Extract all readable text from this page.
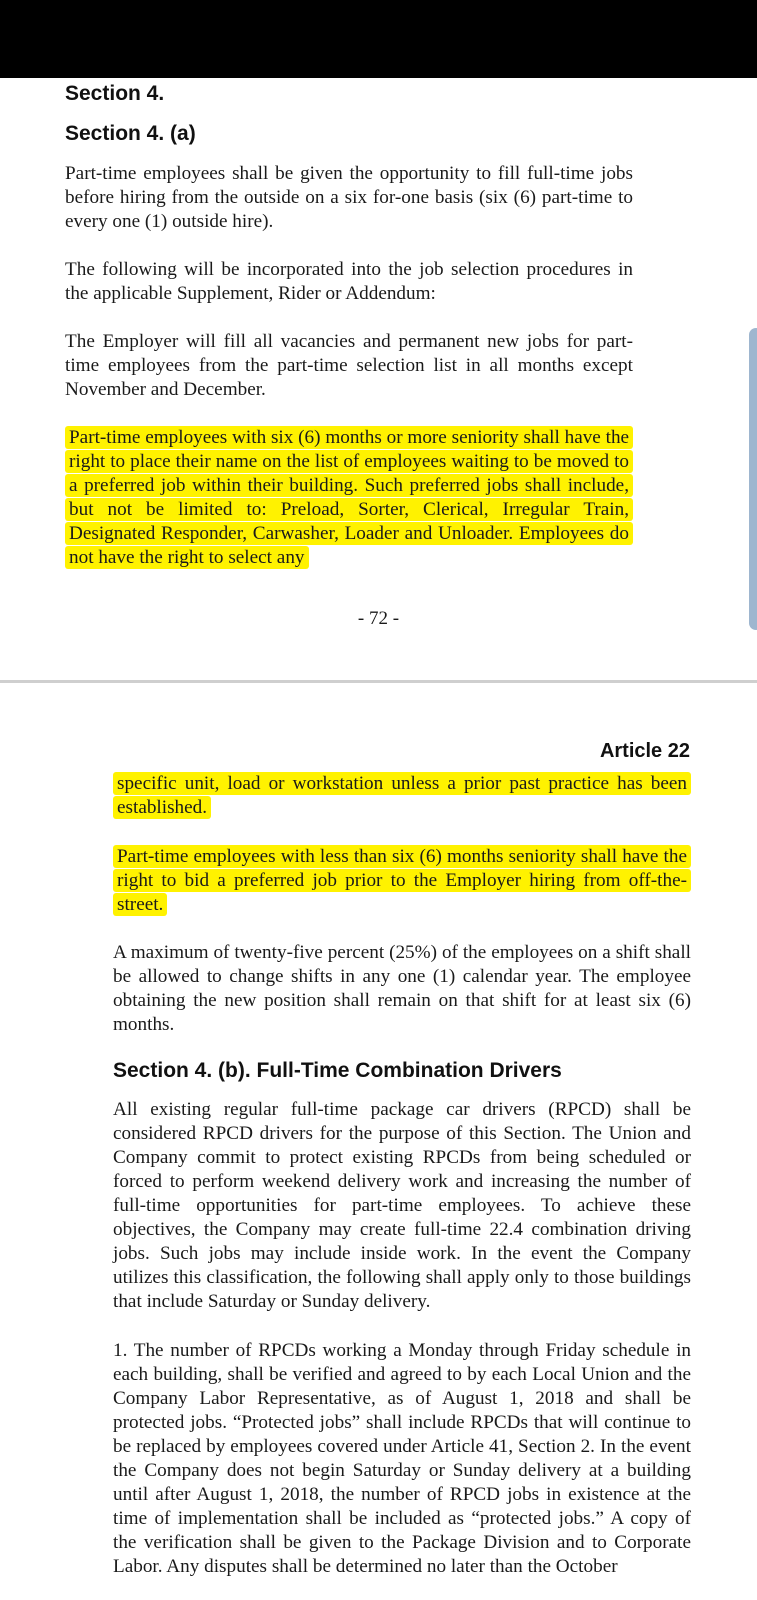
Section 4.
Section 4. (a)

Part-time employees shall be given the opportunity to fill full-time jobs before hiring from the outside on a six for-one basis (six (6) part-time to every one (1) outside hire).

The following will be incorporated into the job selection procedures in the applicable Supplement, Rider or Addendum:

The Employer will fill all vacancies and permanent new jobs for part-time employees from the part-time selection list in all months except November and December.

Part-time employees with six (6) months or more seniority shall have the right to place their name on the list of employees waiting to be moved to a preferred job within their building. Such preferred jobs shall include, but not be limited to: Preload, Sorter, Clerical, Irregular Train, Designated Responder, Carwasher, Loader and Unloader. Employees do not have the right to select any

- 72 -
Article 22

specific unit, load or workstation unless a prior past practice has been established.

Part-time employees with less than six (6) months seniority shall have the right to bid a preferred job prior to the Employer hiring from off-the-street.

A maximum of twenty-five percent (25%) of the employees on a shift shall be allowed to change shifts in any one (1) calendar year. The employee obtaining the new position shall remain on that shift for at least six (6) months.

Section 4. (b). Full-Time Combination Drivers

All existing regular full-time package car drivers (RPCD) shall be considered RPCD drivers for the purpose of this Section. The Union and Company commit to protect existing RPCDs from being scheduled or forced to perform weekend delivery work and increasing the number of full-time opportunities for part-time employees. To achieve these objectives, the Company may create full-time 22.4 combination driving jobs. Such jobs may include inside work. In the event the Company utilizes this classification, the following shall apply only to those buildings that include Saturday or Sunday delivery.

1. The number of RPCDs working a Monday through Friday schedule in each building, shall be verified and agreed to by each Local Union and the Company Labor Representative, as of August 1, 2018 and shall be protected jobs. “Protected jobs” shall include RPCDs that will continue to be replaced by employees covered under Article 41, Section 2. In the event the Company does not begin Saturday or Sunday delivery at a building until after August 1, 2018, the number of RPCD jobs in existence at the time of implementation shall be included as “protected jobs.” A copy of the verification shall be given to the Package Division and to Corporate Labor. Any disputes shall be determined no later than the October
